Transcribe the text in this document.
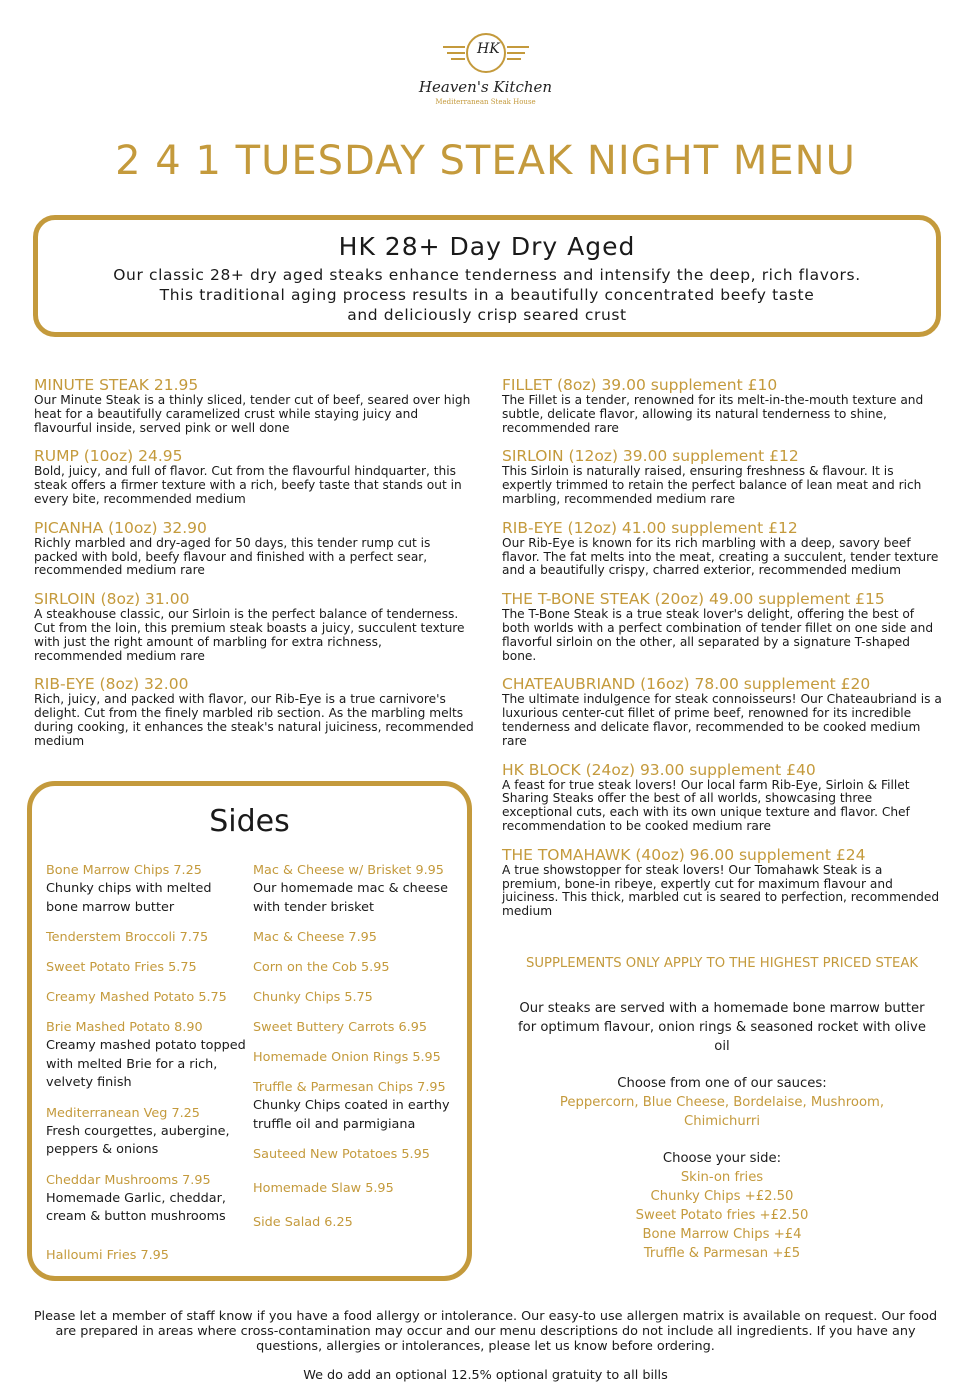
HK
Heaven's Kitchen
Mediterranean Steak House
2 4 1 TUESDAY STEAK NIGHT MENU
HK 28+ Day Dry Aged
Our classic 28+ dry aged steaks enhance tenderness and intensify the deep, rich flavors.
This traditional aging process results in a beautifully concentrated beefy taste
and deliciously crisp seared crust
MINUTE STEAK 21.95
Our Minute Steak is a thinly sliced, tender cut of beef, seared over high heat for a beautifully caramelized crust while staying juicy and flavourful inside, served pink or well done
RUMP (10oz) 24.95
Bold, juicy, and full of flavor. Cut from the flavourful hindquarter, this steak offers a firmer texture with a rich, beefy taste that stands out in every bite, recommended medium
PICANHA (10oz) 32.90
Richly marbled and dry-aged for 50 days, this tender rump cut is packed with bold, beefy flavour and finished with a perfect sear, recommended medium rare
SIRLOIN (8oz) 31.00
A steakhouse classic, our Sirloin is the perfect balance of tenderness. Cut from the loin, this premium steak boasts a juicy, succulent texture with just the right amount of marbling for extra richness, recommended medium rare
RIB-EYE (8oz) 32.00
Rich, juicy, and packed with flavor, our Rib-Eye is a true carnivore's delight. Cut from the finely marbled rib section. As the marbling melts during cooking, it enhances the steak's natural juiciness, recommended medium
FILLET (8oz) 39.00 supplement £10
The Fillet is a tender, renowned for its melt-in-the-mouth texture and subtle, delicate flavor, allowing its natural tenderness to shine, recommended rare
SIRLOIN (12oz) 39.00 supplement £12
This Sirloin is naturally raised, ensuring freshness & flavour. It is expertly trimmed to retain the perfect balance of lean meat and rich marbling, recommended medium rare
RIB-EYE (12oz) 41.00 supplement £12
Our Rib-Eye is known for its rich marbling with a deep, savory beef flavor. The fat melts into the meat, creating a succulent, tender texture and a beautifully crispy, charred exterior, recommended medium
THE T-BONE STEAK (20oz) 49.00 supplement £15
The T-Bone Steak is a true steak lover's delight, offering the best of both worlds with a perfect combination of tender fillet on one side and flavorful sirloin on the other, all separated by a signature T-shaped bone.
CHATEAUBRIAND (16oz) 78.00 supplement £20
The ultimate indulgence for steak connoisseurs! Our Chateaubriand is a luxurious center-cut fillet of prime beef, renowned for its incredible tenderness and delicate flavor, recommended to be cooked medium rare
HK BLOCK (24oz) 93.00 supplement £40
A feast for true steak lovers! Our local farm Rib-Eye, Sirloin & Fillet Sharing Steaks offer the best of all worlds, showcasing three exceptional cuts, each with its own unique texture and flavor. Chef recommendation to be cooked medium rare
THE TOMAHAWK (40oz) 96.00 supplement £24
A true showstopper for steak lovers! Our Tomahawk Steak is a premium, bone-in ribeye, expertly cut for maximum flavour and juiciness. This thick, marbled cut is seared to perfection, recommended medium
Sides
Bone Marrow Chips 7.25
Chunky chips with melted bone marrow butter
Tenderstem Broccoli 7.75
Sweet Potato Fries 5.75
Creamy Mashed Potato 5.75
Brie Mashed Potato 8.90
Creamy mashed potato topped with melted Brie for a rich, velvety finish
Mediterranean Veg 7.25
Fresh courgettes, aubergine, peppers & onions
Cheddar Mushrooms 7.95
Homemade Garlic, cheddar, cream & button mushrooms
Halloumi Fries 7.95
Mac & Cheese w/ Brisket 9.95
Our homemade mac & cheese with tender brisket
Mac & Cheese 7.95
Corn on the Cob 5.95
Chunky Chips 5.75
Sweet Buttery Carrots 6.95
Homemade Onion Rings 5.95
Truffle & Parmesan Chips 7.95
Chunky Chips coated in earthy truffle oil and parmigiana
Sauteed New Potatoes 5.95
Homemade Slaw 5.95
Side Salad 6.25
SUPPLEMENTS ONLY APPLY TO THE HIGHEST PRICED STEAK
Our steaks are served with a homemade bone marrow butter for optimum flavour, onion rings & seasoned rocket with olive oil
Choose from one of our sauces:
Peppercorn, Blue Cheese, Bordelaise, Mushroom, Chimichurri
Choose your side:
Skin-on fries
Chunky Chips +£2.50
Sweet Potato fries +£2.50
Bone Marrow Chips +£4
Truffle & Parmesan +£5
Please let a member of staff know if you have a food allergy or intolerance. Our easy-to use allergen matrix is available on request. Our food are prepared in areas where cross-contamination may occur and our menu descriptions do not include all ingredients. If you have any questions, allergies or intolerances, please let us know before ordering.
We do add an optional 12.5% optional gratuity to all bills
